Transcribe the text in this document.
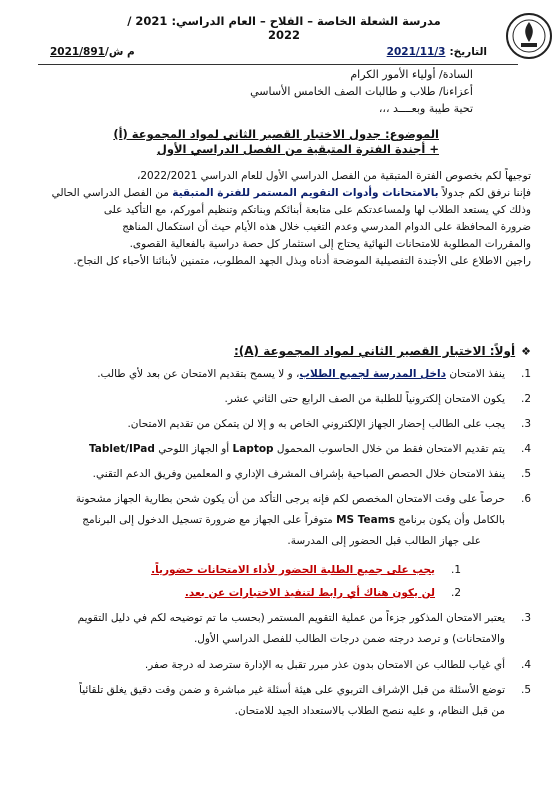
مدرسة الشعلة الخاصة – الفلاح – العام الدراسي: 2021 / 2022
التاريخ:2021/11/3
م ش/2021/891
السادة/ أولياء الأمور الكرام
أعزاءنا/ طلاب و طالبات الصف الخامس الأساسي
تحية طيبة وبعــــد ،،،
الموضوع: جدول الاختبار القصير الثاني لمواد المجموعة (أ)
+ أجندة الفترة المتبقية من الفصل الدراسي الأول

توجيهاً لكم بخصوص الفترة المتبقية من الفصل الدراسي الأول للعام الدراسي 2022/2021،

فإننا نرفق لكم جدولاً بالامتحانات وأدوات التقويم المستمر للفترة المتبقية من الفصل الدراسي الحالي

وذلك كي يستعد الطلاب لها ولمساعدتكم على متابعة أبنائكم وبناتكم وتنظيم أموركم، مع التأكيد على

ضرورة المحافظة على الدوام المدرسي وعدم التغيب خلال هذه الأيام حيث أن استكمال المناهج

والمقررات المطلوبة للامتحانات النهائية يحتاج إلى استثمار كل حصة دراسية بالفعالية القصوى.

راجين الاطلاع على الأجندة التفصيلية الموضحة أدناه وبذل الجهد المطلوب، متمنين لأبنائنا الأحباء كل النجاح.

❖أولاً: الاختبار القصير الثاني لمواد المجموعة (A):
1.
ينفذ الامتحان داخل المدرسة لجميع الطلاب، و لا يسمح بتقديم الامتحان عن بعد لأي طالب.
2.
يكون الامتحان إلكترونياً للطلبة من الصف الرابع حتى الثاني عشر.
3.
يجب على الطالب إحضار الجهاز الإلكتروني الخاص به و إلا لن يتمكن من تقديم الامتحان.
4.
يتم تقديم الامتحان فقط من خلال الحاسوب المحمول Laptop أو الجهاز اللوحي Tablet/IPad
5.
ينفذ الامتحان خلال الحصص الصباحية بإشراف المشرف الإداري و المعلمين وفريق الدعم التقني.
6.
حرصاً على وقت الامتحان المخصص لكم فإنه يرجى التأكد من أن يكون شحن بطارية الجهاز مشحونة
بالكامل وأن يكون برنامج MS Teams متوفراً على الجهاز مع ضرورة تسجيل الدخول إلى البرنامج
على جهاز الطالب قبل الحضور إلى المدرسة.
1.
يجب على جميع الطلبة الحضور لأداء الامتحانات حضورياً.
2.
لن يكون هناك أي رابط لتنفيذ الاختبارات عن بعد.
3.
يعتبر الامتحان المذكور جزءاً من عملية التقويم المستمر (بحسب ما تم توضيحه لكم في دليل التقويم
والامتحانات) و ترصد درجته ضمن درجات الطالب للفصل الدراسي الأول.
4.
أي غياب للطالب عن الامتحان بدون عذر مبرر تقبل به الإدارة سترصد له درجة صفر.
5.
توضع الأسئلة من قبل الإشراف التربوي على هيئة أسئلة غير مباشرة و ضمن وقت دقيق يغلق تلقائياً
من قبل النظام، و عليه ننصح الطلاب بالاستعداد الجيد للامتحان.
